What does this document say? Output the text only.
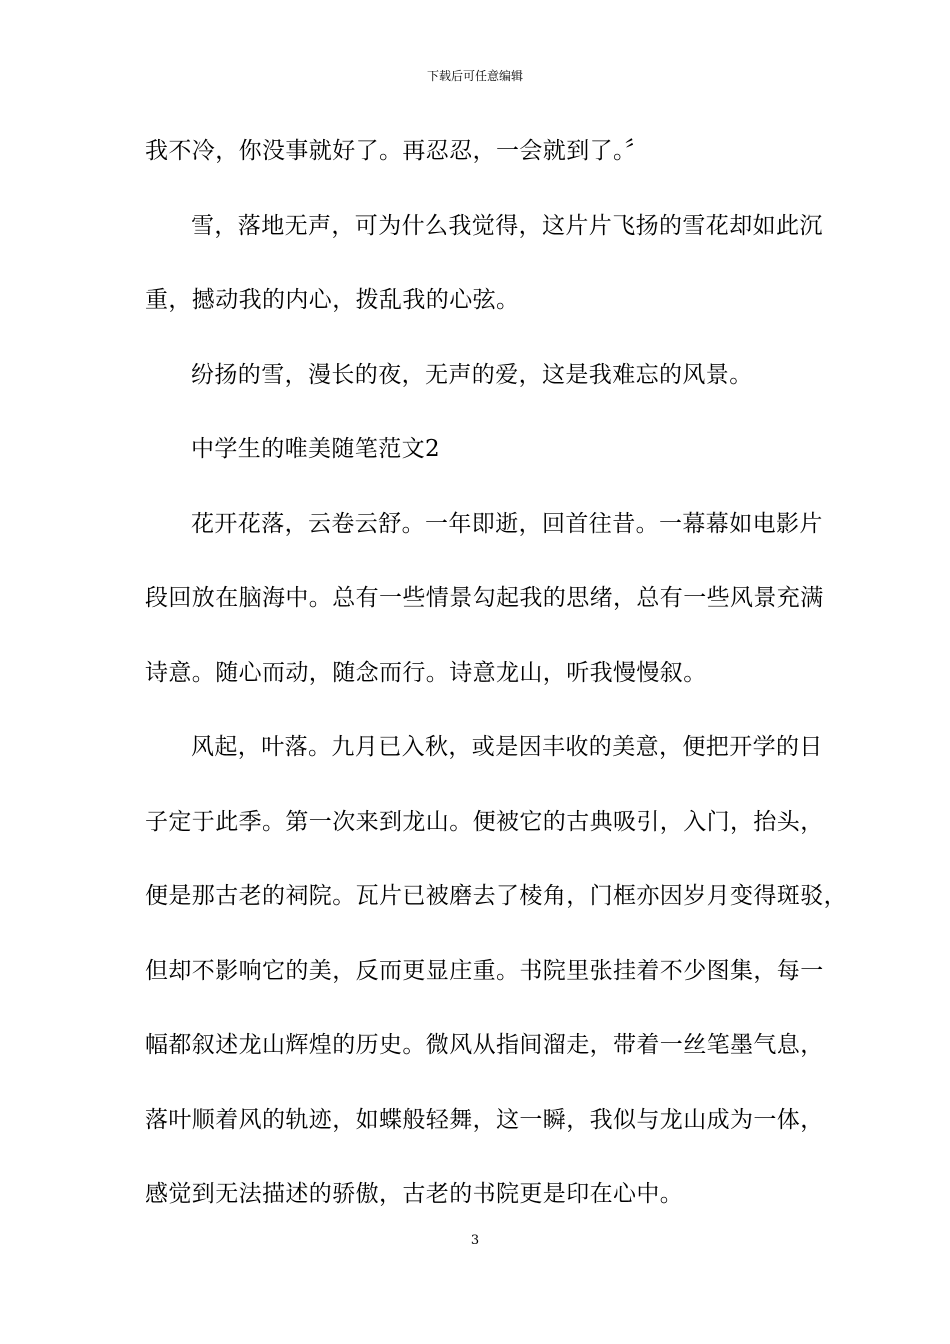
下载后可任意编辑
我不冷，你没事就好了。再忍忍，一会就到了。〞
雪，落地无声，可为什么我觉得，这片片飞扬的雪花却如此沉
重，撼动我的内心，拨乱我的心弦。
纷扬的雪，漫长的夜，无声的爱，这是我难忘的风景。
中学生的唯美随笔范文2
花开花落，云卷云舒。一年即逝，回首往昔。一幕幕如电影片
段回放在脑海中。总有一些情景勾起我的思绪，总有一些风景充满
诗意。随心而动，随念而行。诗意龙山，听我慢慢叙。
风起，叶落。九月已入秋，或是因丰收的美意，便把开学的日
子定于此季。第一次来到龙山。便被它的古典吸引，入门，抬头，
便是那古老的祠院。瓦片已被磨去了棱角，门框亦因岁月变得斑驳，
但却不影响它的美，反而更显庄重。书院里张挂着不少图集，每一
幅都叙述龙山辉煌的历史。微风从指间溜走，带着一丝笔墨气息，
落叶顺着风的轨迹，如蝶般轻舞，这一瞬，我似与龙山成为一体，
感觉到无法描述的骄傲，古老的书院更是印在心中。
3
